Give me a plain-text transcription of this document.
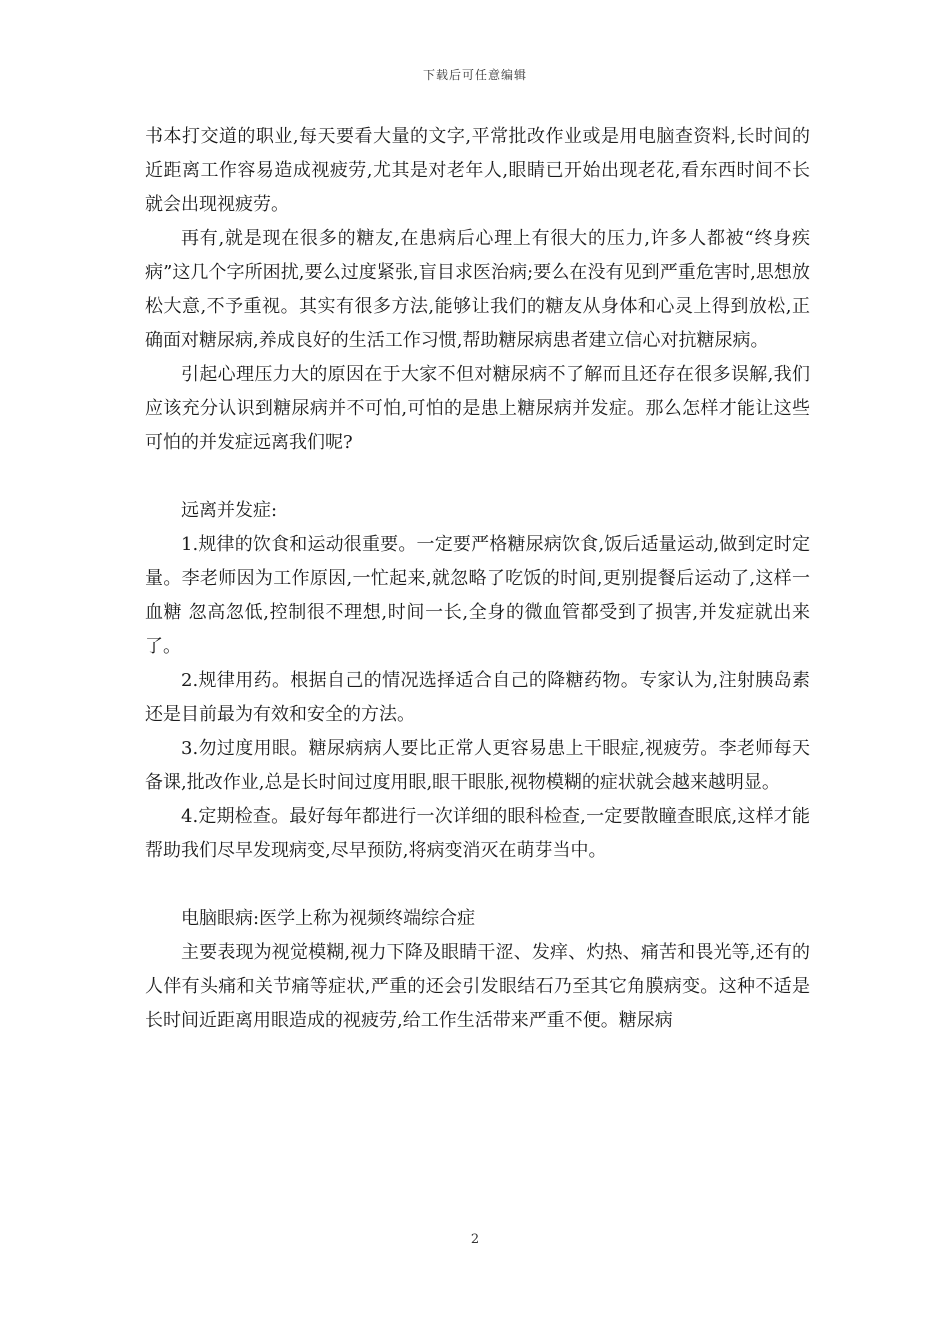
下载后可任意编辑

书本打交道的职业,每天要看大量的文字,平常批改作业或是用电脑查资料,长时间的近距离工作容易造成视疲劳,尤其是对老年人,眼睛已开始出现老花,看东西时间不长就会出现视疲劳。

再有,就是现在很多的糖友,在患病后心理上有很大的压力,许多人都被“终身疾病”这几个字所困扰,要么过度紧张,盲目求医治病;要么在没有见到严重危害时,思想放松大意,不予重视。其实有很多方法,能够让我们的糖友从身体和心灵上得到放松,正确面对糖尿病,养成良好的生活工作习惯,帮助糖尿病患者建立信心对抗糖尿病。

引起心理压力大的原因在于大家不但对糖尿病不了解而且还存在很多误解,我们应该充分认识到糖尿病并不可怕,可怕的是患上糖尿病并发症。那么怎样才能让这些可怕的并发症远离我们呢?

远离并发症:

1.规律的饮食和运动很重要。一定要严格糖尿病饮食,饭后适量运动,做到定时定量。李老师因为工作原因,一忙起来,就忽略了吃饭的时间,更别提餐后运动了,这样一血糖 忽高忽低,控制很不理想,时间一长,全身的微血管都受到了损害,并发症就出来了。

2.规律用药。根据自己的情况选择适合自己的降糖药物。专家认为,注射胰岛素还是目前最为有效和安全的方法。

3.勿过度用眼。糖尿病病人要比正常人更容易患上干眼症,视疲劳。李老师每天备课,批改作业,总是长时间过度用眼,眼干眼胀,视物模糊的症状就会越来越明显。

4.定期检查。最好每年都进行一次详细的眼科检查,一定要散瞳查眼底,这样才能帮助我们尽早发现病变,尽早预防,将病变消灭在萌芽当中。

电脑眼病:医学上称为视频终端综合症

主要表现为视觉模糊,视力下降及眼睛干涩、发痒、灼热、痛苦和畏光等,还有的人伴有头痛和关节痛等症状,严重的还会引发眼结石乃至其它角膜病变。这种不适是长时间近距离用眼造成的视疲劳,给工作生活带来严重不便。糖尿病

2
